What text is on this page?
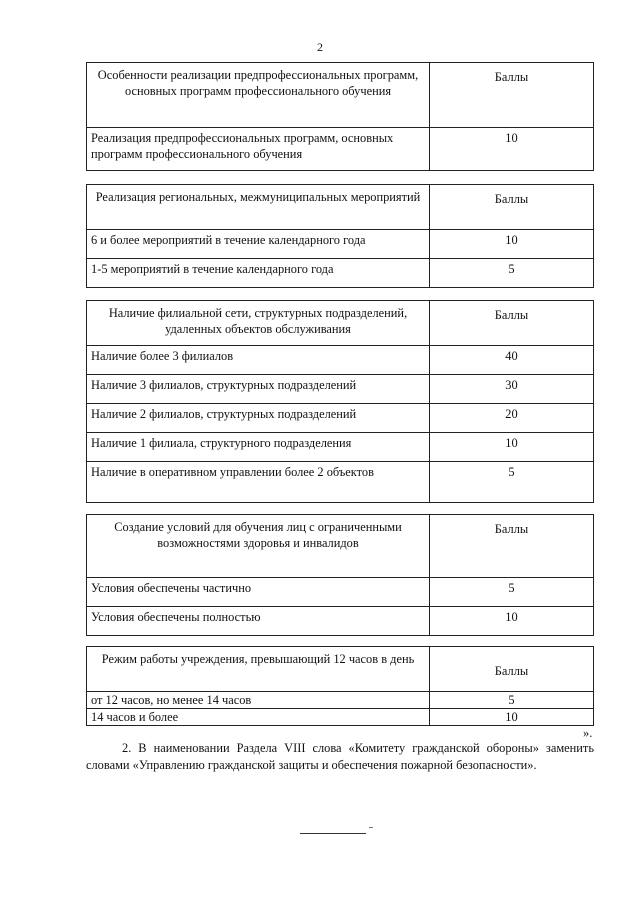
2
Особенности реализации предпрофессиональных программ, основных программ профессионального обучения	Баллы
Реализация предпрофессиональных программ, основных программ профессионального обучения	10
Реализация региональных, межмуниципальных мероприятий	Баллы
6 и более мероприятий в течение календарного года	10
1-5 мероприятий в течение календарного года	5
Наличие филиальной сети, структурных подразделений, удаленных объектов обслуживания	Баллы
Наличие более 3 филиалов	40
Наличие 3 филиалов, структурных подразделений	30
Наличие 2 филиалов, структурных подразделений	20
Наличие 1 филиала, структурного подразделения	10
Наличие в оперативном управлении более 2 объектов	5
Создание условий для обучения лиц с ограниченными возможностями здоровья и инвалидов	Баллы
Условия обеспечены частично	5
Условия обеспечены полностью	10
Режим работы учреждения, превышающий 12 часов в день	Баллы
от 12 часов, но менее 14 часов	5
14 часов и более	10
».

2. В наименовании Раздела VIII слова «Комитету гражданской обороны» заменить словами «Управлению гражданской защиты и обеспечения пожарной безопасности».
